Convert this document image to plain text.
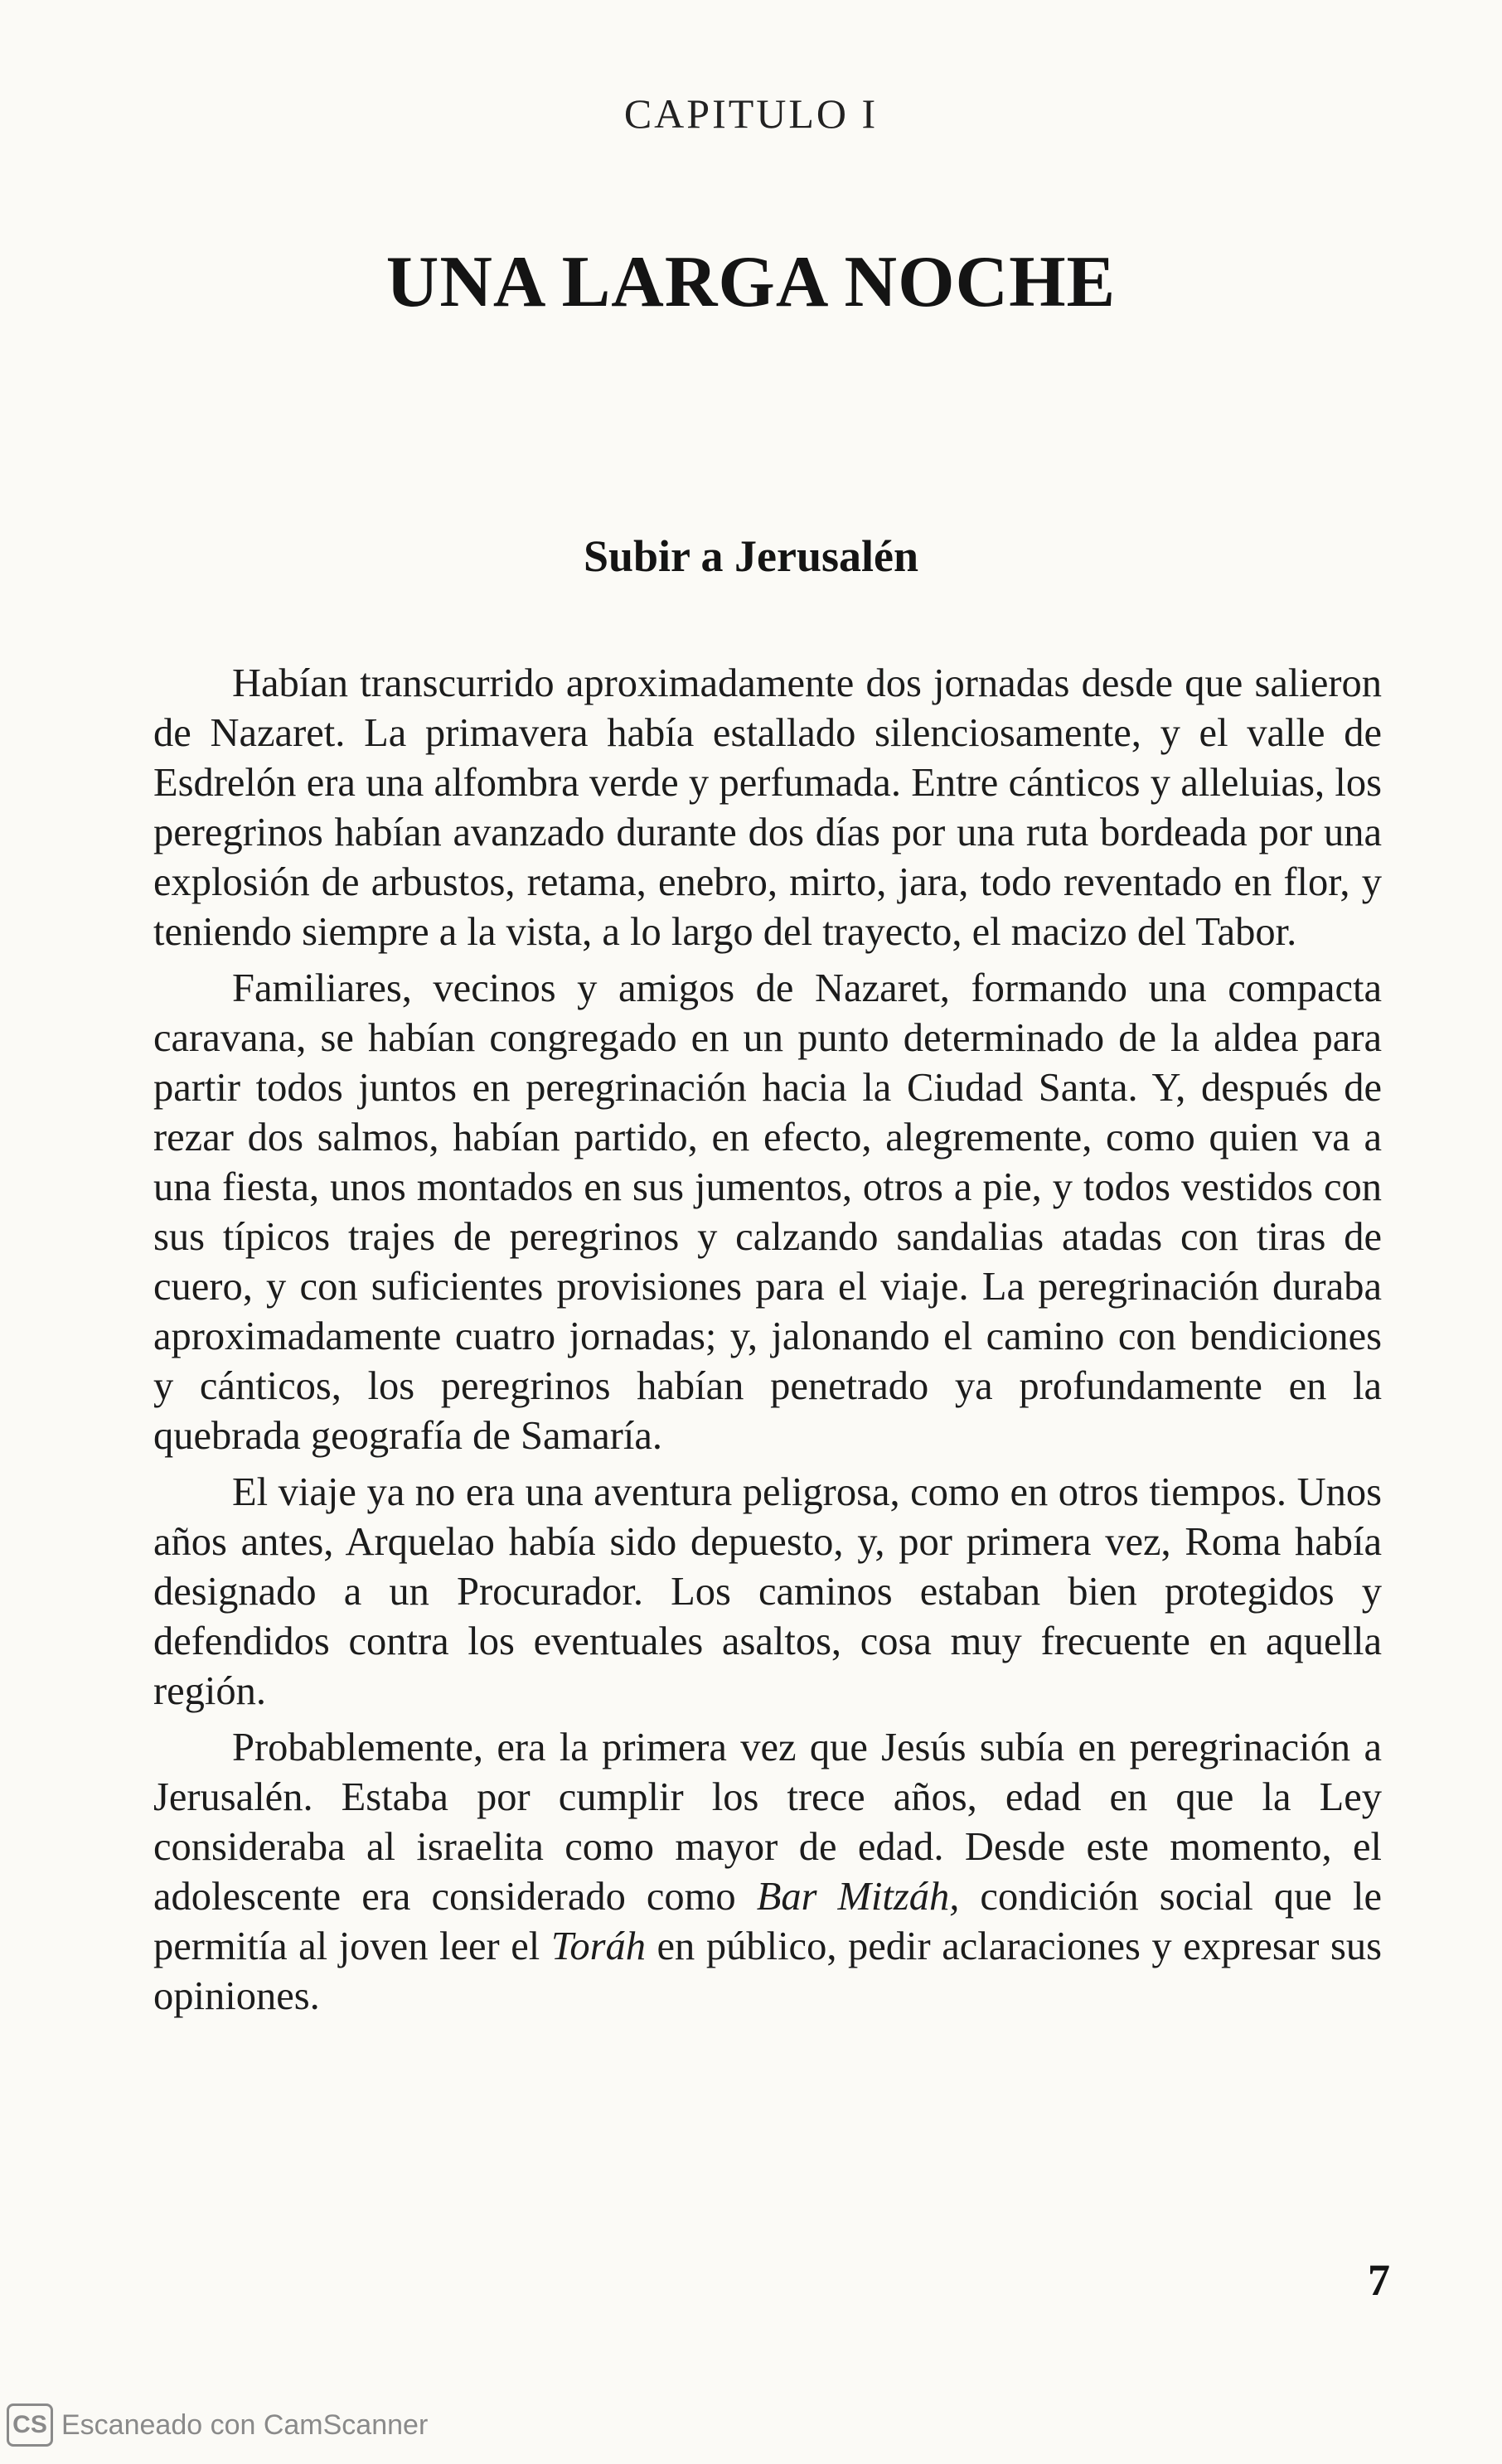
CAPITULO I
UNA LARGA NOCHE
Subir a Jerusalén

Habían transcurrido aproximadamente dos jornadas desde que salieron de Nazaret. La primavera había estallado silenciosamente, y el valle de Esdrelón era una alfombra verde y perfumada. Entre cánticos y alleluias, los peregrinos habían avanzado durante dos días por una ruta bordeada por una explosión de arbustos, retama, enebro, mirto, jara, todo reventado en flor, y teniendo siempre a la vista, a lo largo del trayecto, el macizo del Tabor.

Familiares, vecinos y amigos de Nazaret, formando una compacta caravana, se habían congregado en un punto determinado de la aldea para partir todos juntos en peregrinación hacia la Ciudad Santa. Y, después de rezar dos salmos, habían partido, en efecto, alegremente, como quien va a una fiesta, unos montados en sus jumentos, otros a pie, y todos vestidos con sus típicos trajes de peregrinos y calzando sandalias atadas con tiras de cuero, y con suficientes provisiones para el viaje. La peregrinación duraba aproximadamente cuatro jornadas; y, jalonando el camino con bendiciones y cánticos, los peregrinos habían penetrado ya profundamente en la quebrada geografía de Samaría.

El viaje ya no era una aventura peligrosa, como en otros tiempos. Unos años antes, Arquelao había sido depuesto, y, por primera vez, Roma había designado a un Procurador. Los caminos estaban bien protegidos y defendidos contra los eventuales asaltos, cosa muy frecuente en aquella región.

Probablemente, era la primera vez que Jesús subía en peregrinación a Jerusalén. Estaba por cumplir los trece años, edad en que la Ley consideraba al israelita como mayor de edad. Desde este momento, el adolescente era considerado como Bar Mitzáh, condición social que le permitía al joven leer el Toráh en público, pedir aclaraciones y expresar sus opiniones.

7
CS Escaneado con CamScanner
